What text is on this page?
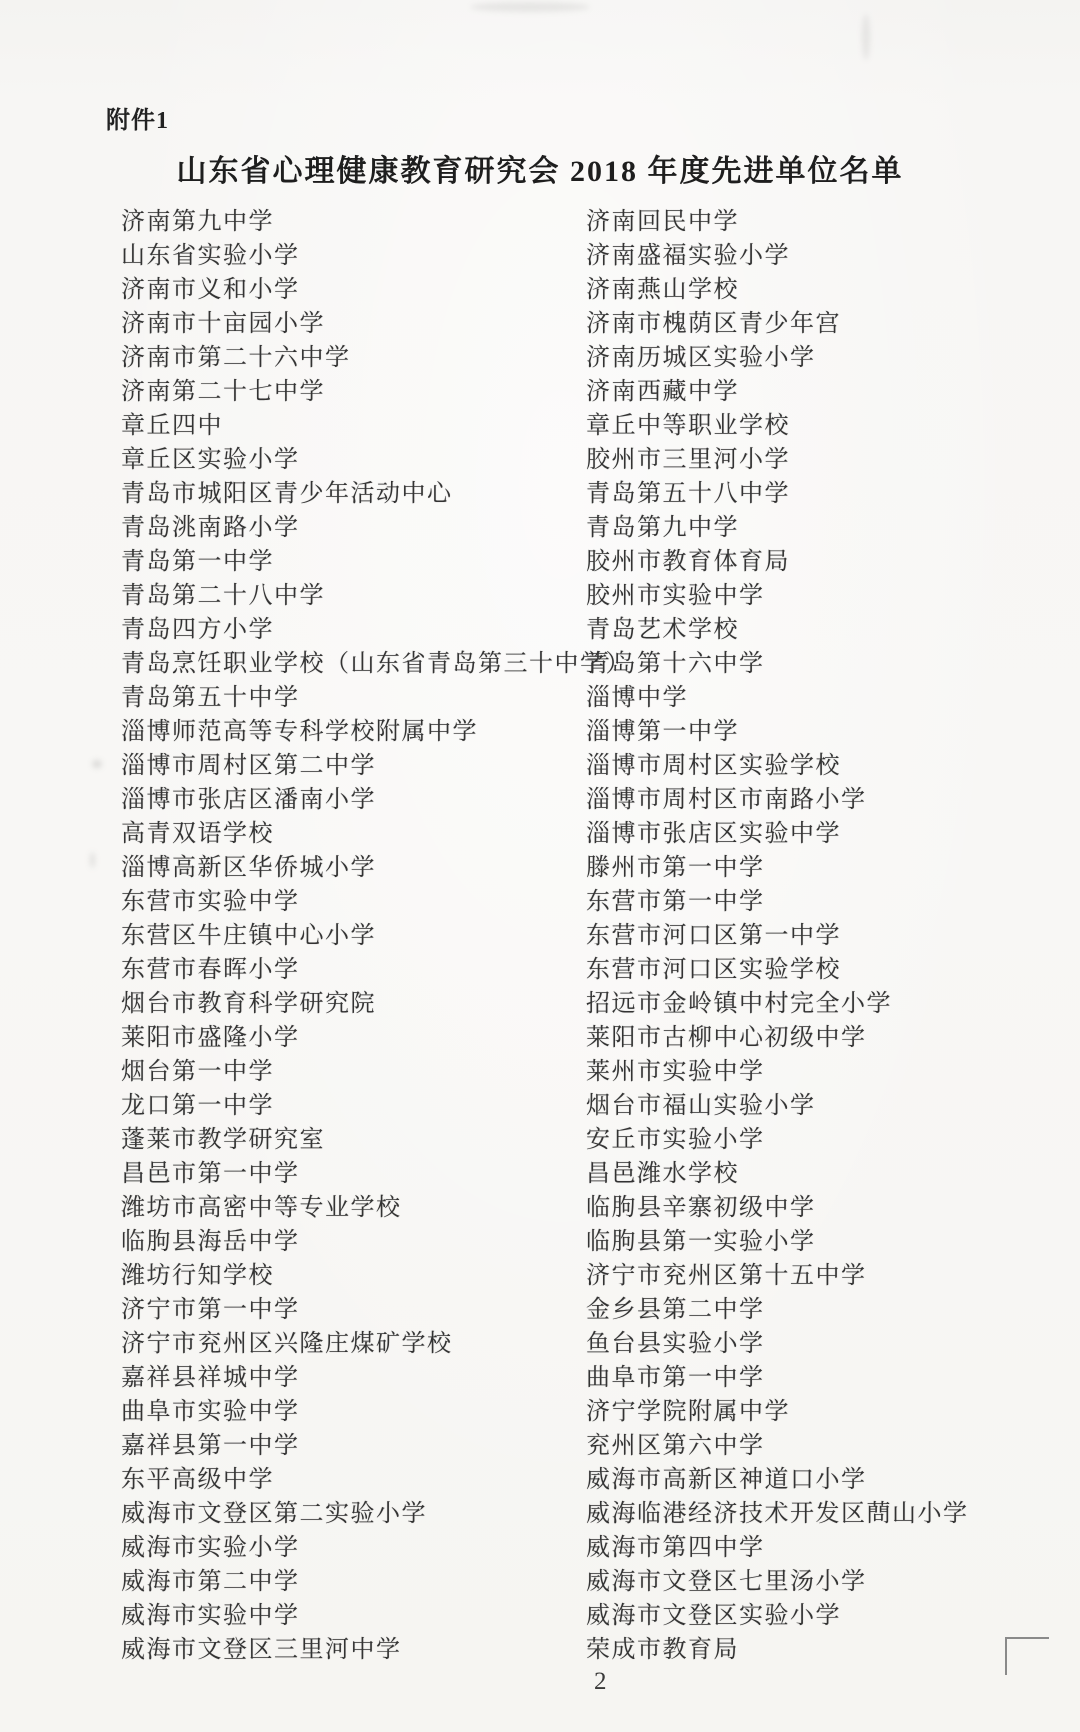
附件1
山东省心理健康教育研究会 2018 年度先进单位名单
济南第九中学
山东省实验小学
济南市义和小学
济南市十亩园小学
济南市第二十六中学
济南第二十七中学
章丘四中
章丘区实验小学
青岛市城阳区青少年活动中心
青岛洮南路小学
青岛第一中学
青岛第二十八中学
青岛四方小学
青岛烹饪职业学校（山东省青岛第三十中学）
青岛第五十中学
淄博师范高等专科学校附属中学
淄博市周村区第二中学
淄博市张店区潘南小学
高青双语学校
淄博高新区华侨城小学
东营市实验中学
东营区牛庄镇中心小学
东营市春晖小学
烟台市教育科学研究院
莱阳市盛隆小学
烟台第一中学
龙口第一中学
蓬莱市教学研究室
昌邑市第一中学
潍坊市高密中等专业学校
临朐县海岳中学
潍坊行知学校
济宁市第一中学
济宁市兖州区兴隆庄煤矿学校
嘉祥县祥城中学
曲阜市实验中学
嘉祥县第一中学
东平高级中学
威海市文登区第二实验小学
威海市实验小学
威海市第二中学
威海市实验中学
威海市文登区三里河中学
济南回民中学
济南盛福实验小学
济南燕山学校
济南市槐荫区青少年宫
济南历城区实验小学
济南西藏中学
章丘中等职业学校
胶州市三里河小学
青岛第五十八中学
青岛第九中学
胶州市教育体育局
胶州市实验中学
青岛艺术学校
青岛第十六中学
淄博中学
淄博第一中学
淄博市周村区实验学校
淄博市周村区市南路小学
淄博市张店区实验中学
滕州市第一中学
东营市第一中学
东营市河口区第一中学
东营市河口区实验学校
招远市金岭镇中村完全小学
莱阳市古柳中心初级中学
莱州市实验中学
烟台市福山实验小学
安丘市实验小学
昌邑潍水学校
临朐县辛寨初级中学
临朐县第一实验小学
济宁市兖州区第十五中学
金乡县第二中学
鱼台县实验小学
曲阜市第一中学
济宁学院附属中学
兖州区第六中学
威海市高新区神道口小学
威海临港经济技术开发区蔄山小学
威海市第四中学
威海市文登区七里汤小学
威海市文登区实验小学
荣成市教育局
2
